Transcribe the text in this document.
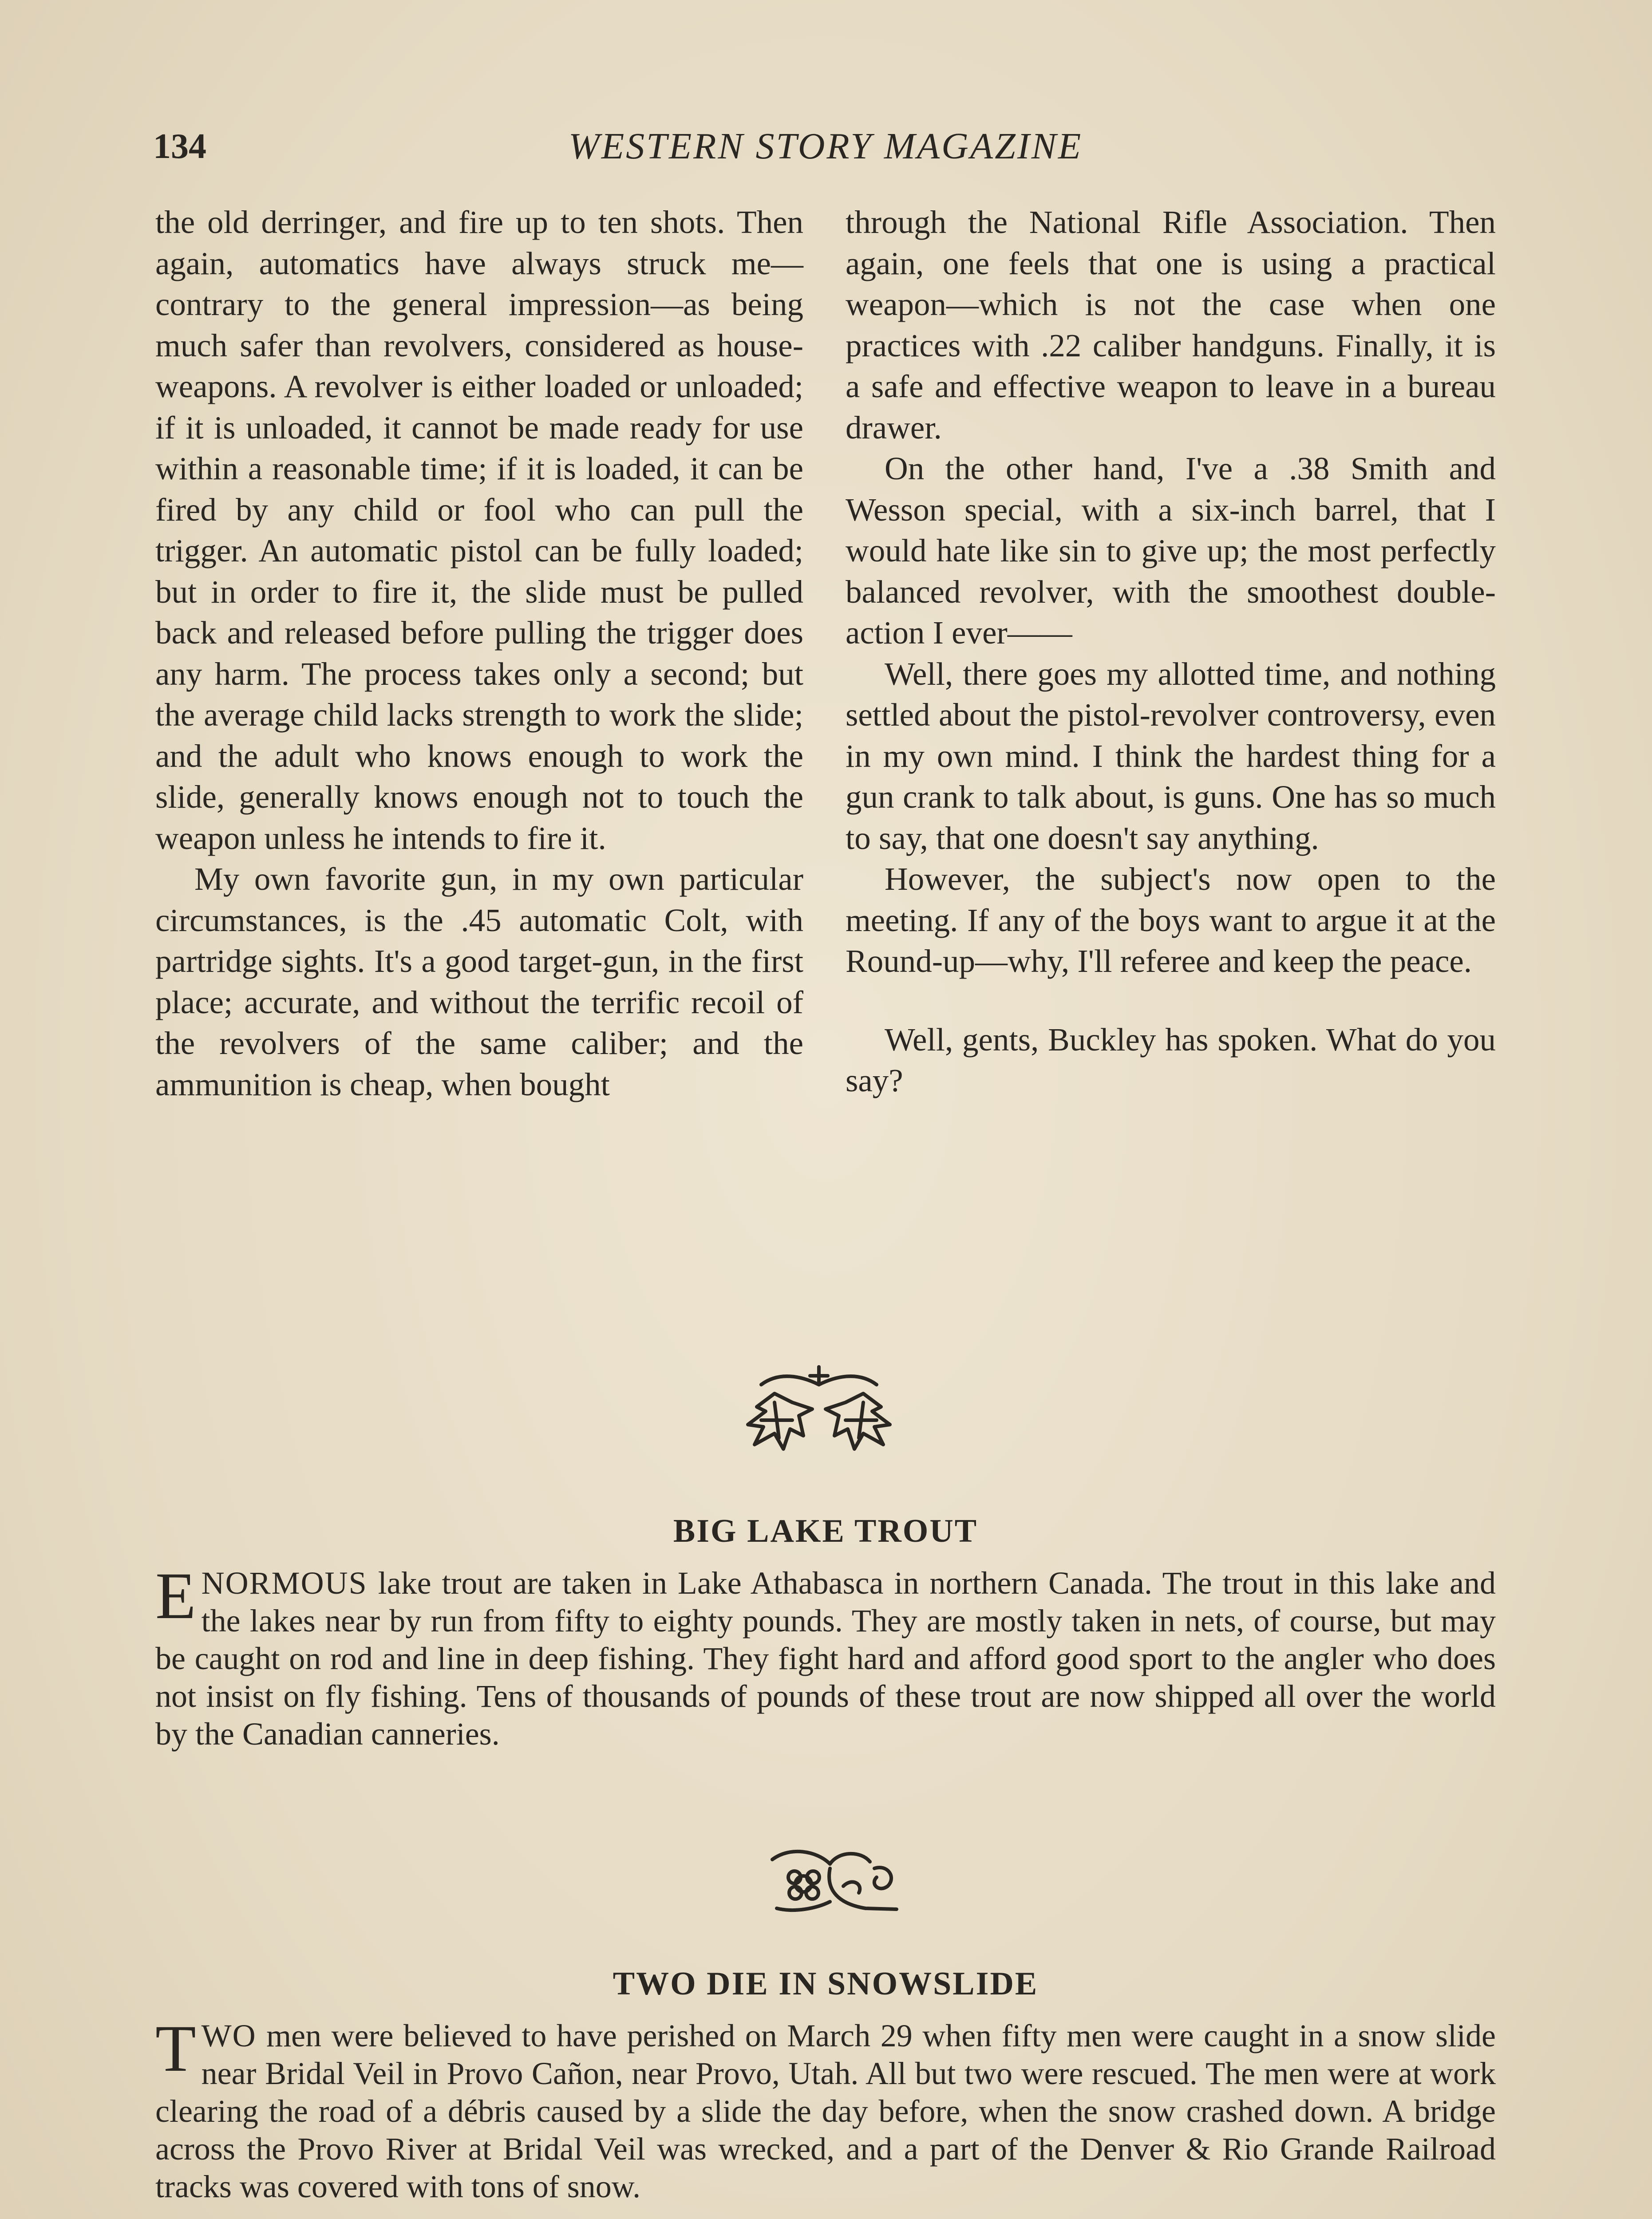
134	WESTERN STORY MAGAZINE

the old derringer, and fire up to ten shots. Then again, automatics have always struck me—contrary to the general impression—as being much safer than revolvers, considered as house-weapons. A revolver is either loaded or unloaded; if it is unloaded, it cannot be made ready for use within a reasonable time; if it is loaded, it can be fired by any child or fool who can pull the trigger. An automatic pistol can be fully loaded; but in order to fire it, the slide must be pulled back and released before pulling the trigger does any harm. The process takes only a second; but the average child lacks strength to work the slide; and the adult who knows enough to work the slide, generally knows enough not to touch the weapon unless he intends to fire it.

My own favorite gun, in my own particular circumstances, is the .45 automatic Colt, with partridge sights. It's a good target-gun, in the first place; accurate, and without the terrific recoil of the revolvers of the same caliber; and the ammunition is cheap, when bought

through the National Rifle Association. Then again, one feels that one is using a practical weapon—which is not the case when one practices with .22 caliber handguns. Finally, it is a safe and effective weapon to leave in a bureau drawer.

On the other hand, I've a .38 Smith and Wesson special, with a six-inch barrel, that I would hate like sin to give up; the most perfectly balanced revolver, with the smoothest double-action I ever——

Well, there goes my allotted time, and nothing settled about the pistol-revolver controversy, even in my own mind. I think the hardest thing for a gun crank to talk about, is guns. One has so much to say, that one doesn't say anything.

However, the subject's now open to the meeting. If any of the boys want to argue it at the Round-up—why, I'll referee and keep the peace.

Well, gents, Buckley has spoken. What do you say?

BIG LAKE TROUT
ENORMOUS lake trout are taken in Lake Athabasca in northern Canada. The trout in this lake and the lakes near by run from fifty to eighty pounds. They are mostly taken in nets, of course, but may be caught on rod and line in deep fishing. They fight hard and afford good sport to the angler who does not insist on fly fishing. Tens of thousands of pounds of these trout are now shipped all over the world by the Canadian canneries.
TWO DIE IN SNOWSLIDE
TWO men were believed to have perished on March 29 when fifty men were caught in a snow slide near Bridal Veil in Provo Cañon, near Provo, Utah. All but two were rescued. The men were at work clearing the road of a débris caused by a slide the day before, when the snow crashed down. A bridge across the Provo River at Bridal Veil was wrecked, and a part of the Denver & Rio Grande Railroad tracks was covered with tons of snow.
